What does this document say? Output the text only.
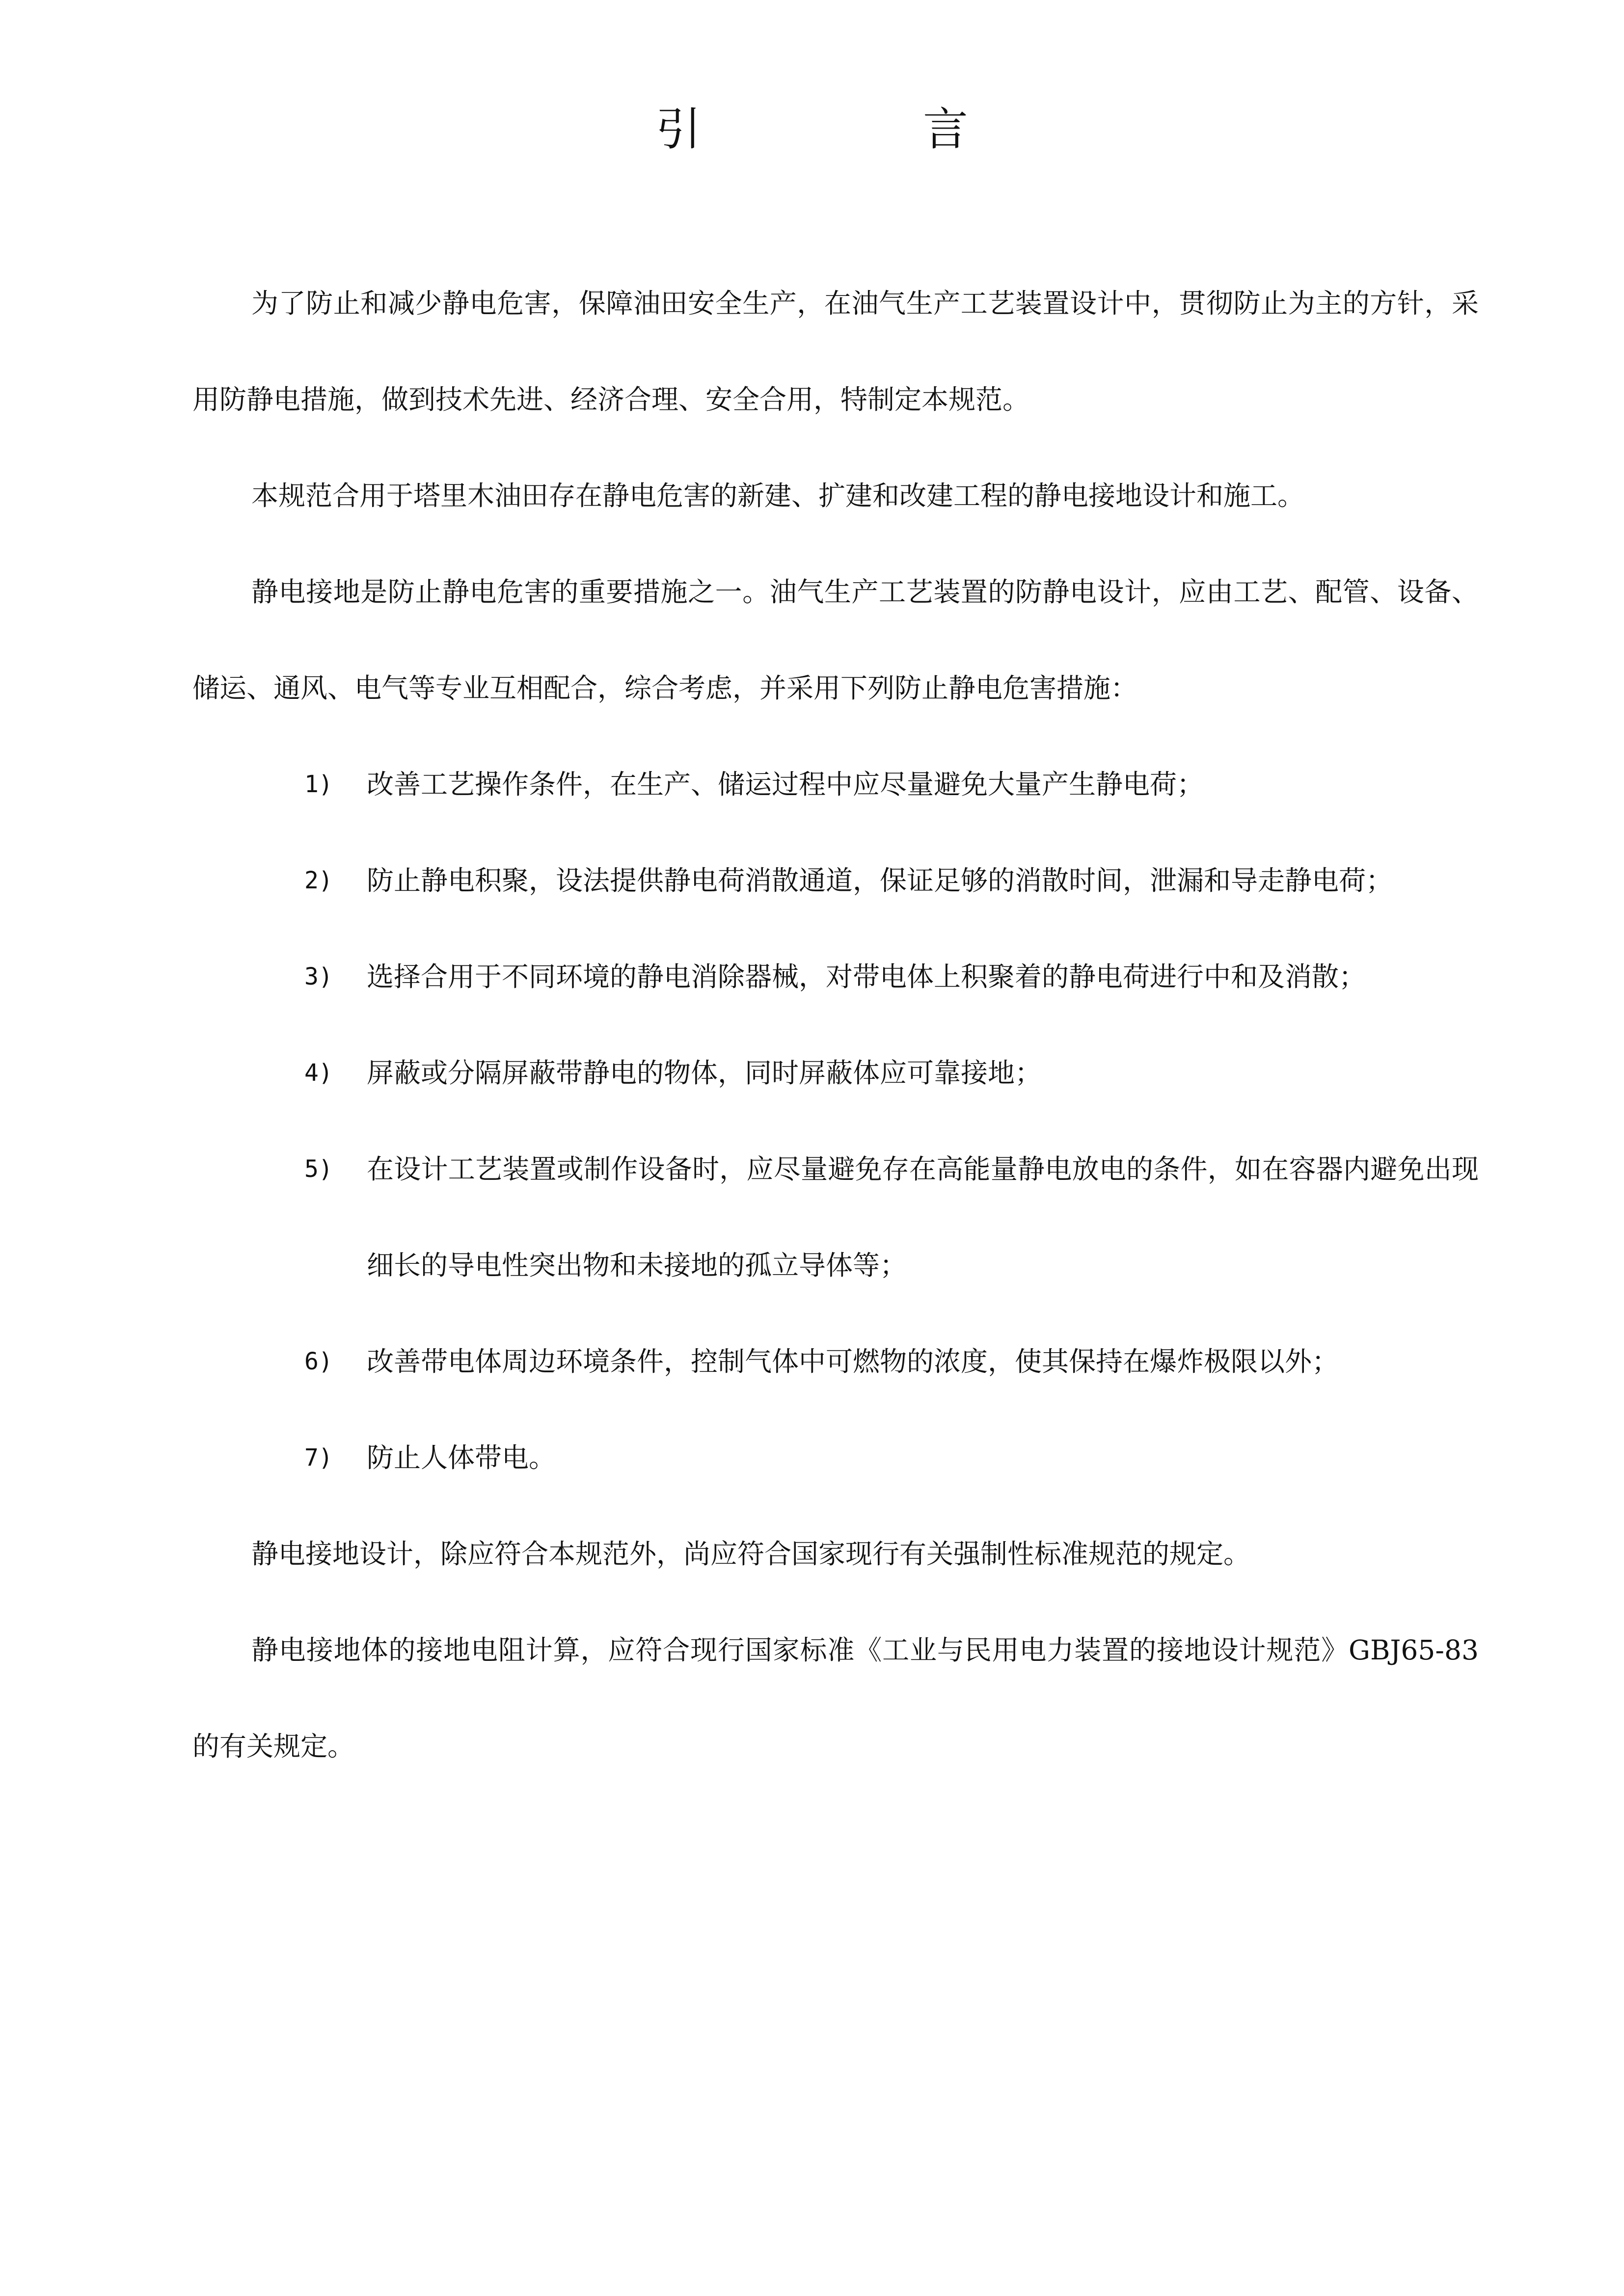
引　言

为了防止和减少静电危害，保障油田安全生产，在油气生产工艺装置设计中，贯彻防止为主的方针，采用防静电措施，做到技术先进、经济合理、安全合用，特制定本规范。

本规范合用于塔里木油田存在静电危害的新建、扩建和改建工程的静电接地设计和施工。

静电接地是防止静电危害的重要措施之一。油气生产工艺装置的防静电设计，应由工艺、配管、设备、储运、通风、电气等专业互相配合，综合考虑，并采用下列防止静电危害措施：

1) 改善工艺操作条件，在生产、储运过程中应尽量避免大量产生静电荷；
2) 防止静电积聚，设法提供静电荷消散通道，保证足够的消散时间，泄漏和导走静电荷；
3) 选择合用于不同环境的静电消除器械，对带电体上积聚着的静电荷进行中和及消散；
4) 屏蔽或分隔屏蔽带静电的物体，同时屏蔽体应可靠接地；
5) 在设计工艺装置或制作设备时，应尽量避免存在高能量静电放电的条件，如在容器内避免出现细长的导电性突出物和未接地的孤立导体等；
6) 改善带电体周边环境条件，控制气体中可燃物的浓度，使其保持在爆炸极限以外；
7) 防止人体带电。

静电接地设计，除应符合本规范外，尚应符合国家现行有关强制性标准规范的规定。

静电接地体的接地电阻计算，应符合现行国家标准《工业与民用电力装置的接地设计规范》GBJ65-83的有关规定。
